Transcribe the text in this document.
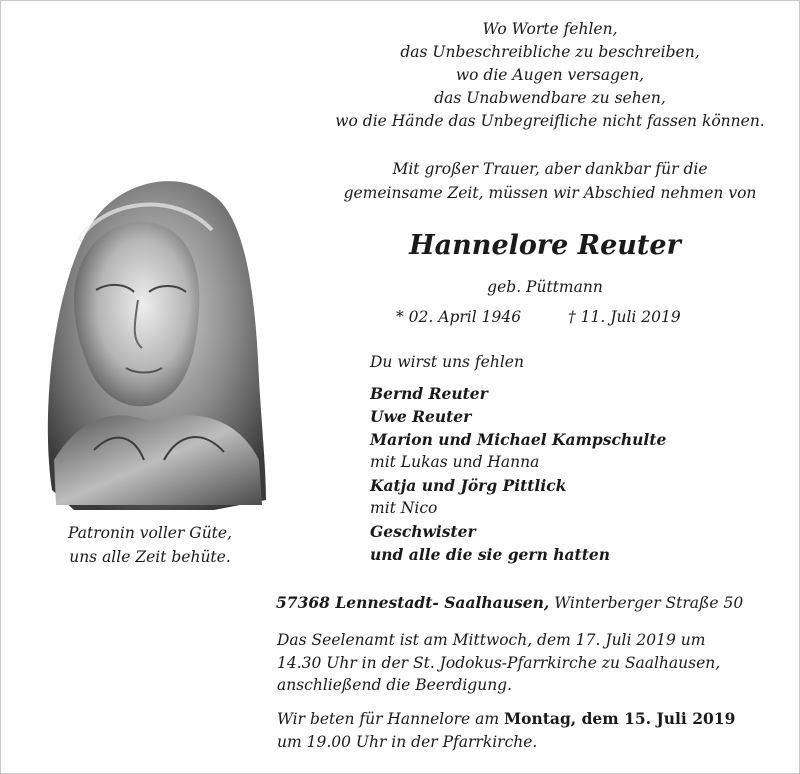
Wo Worte fehlen,
das Unbeschreibliche zu beschreiben,
wo die Augen versagen,
das Unabwendbare zu sehen,
wo die Hände das Unbegreifliche nicht fassen können.
Mit großer Trauer, aber dankbar für die
gemeinsame Zeit, müssen wir Abschied nehmen von
Hannelore Reuter
geb. Püttmann
* 02. April 1946	† 11. Juli 2019
Patronin voller Güte,
uns alle Zeit behüte.
Du wirst uns fehlen
Bernd Reuter
Uwe Reuter
Marion und Michael Kampschulte
mit Lukas und Hanna
Katja und Jörg Pittlick
mit Nico
Geschwister
und alle die sie gern hatten
57368 Lennestadt- Saalhausen, Winterberger Straße 50
Das Seelenamt ist am Mittwoch, dem 17. Juli 2019 um
14.30 Uhr in der St. Jodokus-Pfarrkirche zu Saalhausen,
anschließend die Beerdigung.
Wir beten für Hannelore am Montag, dem 15. Juli 2019
um 19.00 Uhr in der Pfarrkirche.
